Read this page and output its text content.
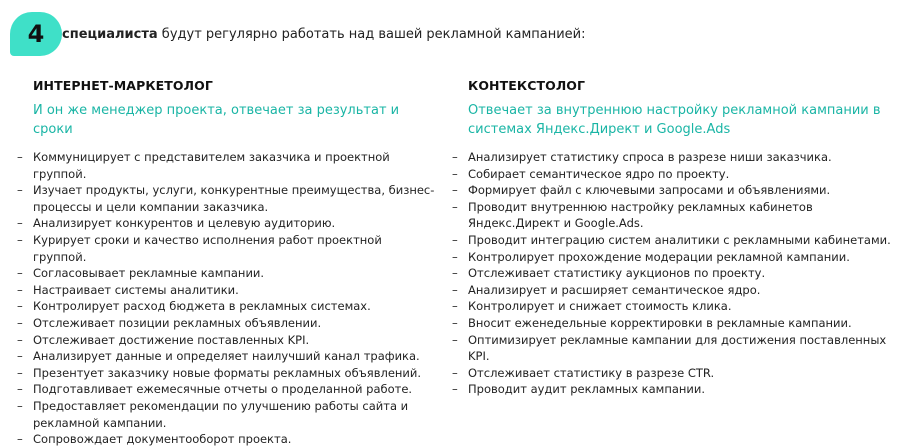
4	специалиста будут регулярно работать над вашей рекламной кампанией:
ИНТЕРНЕТ-МАРКЕТОЛОГ
И он же менеджер проекта, отвечает за результат и сроки
– Коммуницирует с представителем заказчика и проектной группой.
– Изучает продукты, услуги, конкурентные преимущества, бизнес-процессы и цели компании заказчика.
– Анализирует конкурентов и целевую аудиторию.
– Курирует сроки и качество исполнения работ проектной группой.
– Согласовывает рекламные кампании.
– Настраивает системы аналитики.
– Контролирует расход бюджета в рекламных системах.
– Отслеживает позиции рекламных объявлении.
– Отслеживает достижение поставленных KPI.
– Анализирует данные и определяет наилучший канал трафика.
– Презентует заказчику новые форматы рекламных объявлений.
– Подготавливает ежемесячные отчеты о проделанной работе.
– Предоставляет рекомендации по улучшению работы сайта и рекламной кампании.
– Сопровождает документооборот проекта.
КОНТЕКСТОЛОГ
Отвечает за внутреннюю настройку рекламной кампании в системах Яндекс.Директ и Google.Ads
– Анализирует статистику спроса в разрезе ниши заказчика.
– Собирает семантическое ядро по проекту.
– Формирует файл с ключевыми запросами и объявлениями.
– Проводит внутреннюю настройку рекламных кабинетов Яндекс.Директ и Google.Ads.
– Проводит интеграцию систем аналитики с рекламными кабинетами.
– Контролирует прохождение модерации рекламной кампании.
– Отслеживает статистику аукционов по проекту.
– Анализирует и расширяет семантическое ядро.
– Контролирует и снижает стоимость клика.
– Вносит еженедельные корректировки в рекламные кампании.
– Оптимизирует рекламные кампании для достижения поставленных KPI.
– Отслеживает статистику в разрезе CTR.
– Проводит аудит рекламных кампании.
